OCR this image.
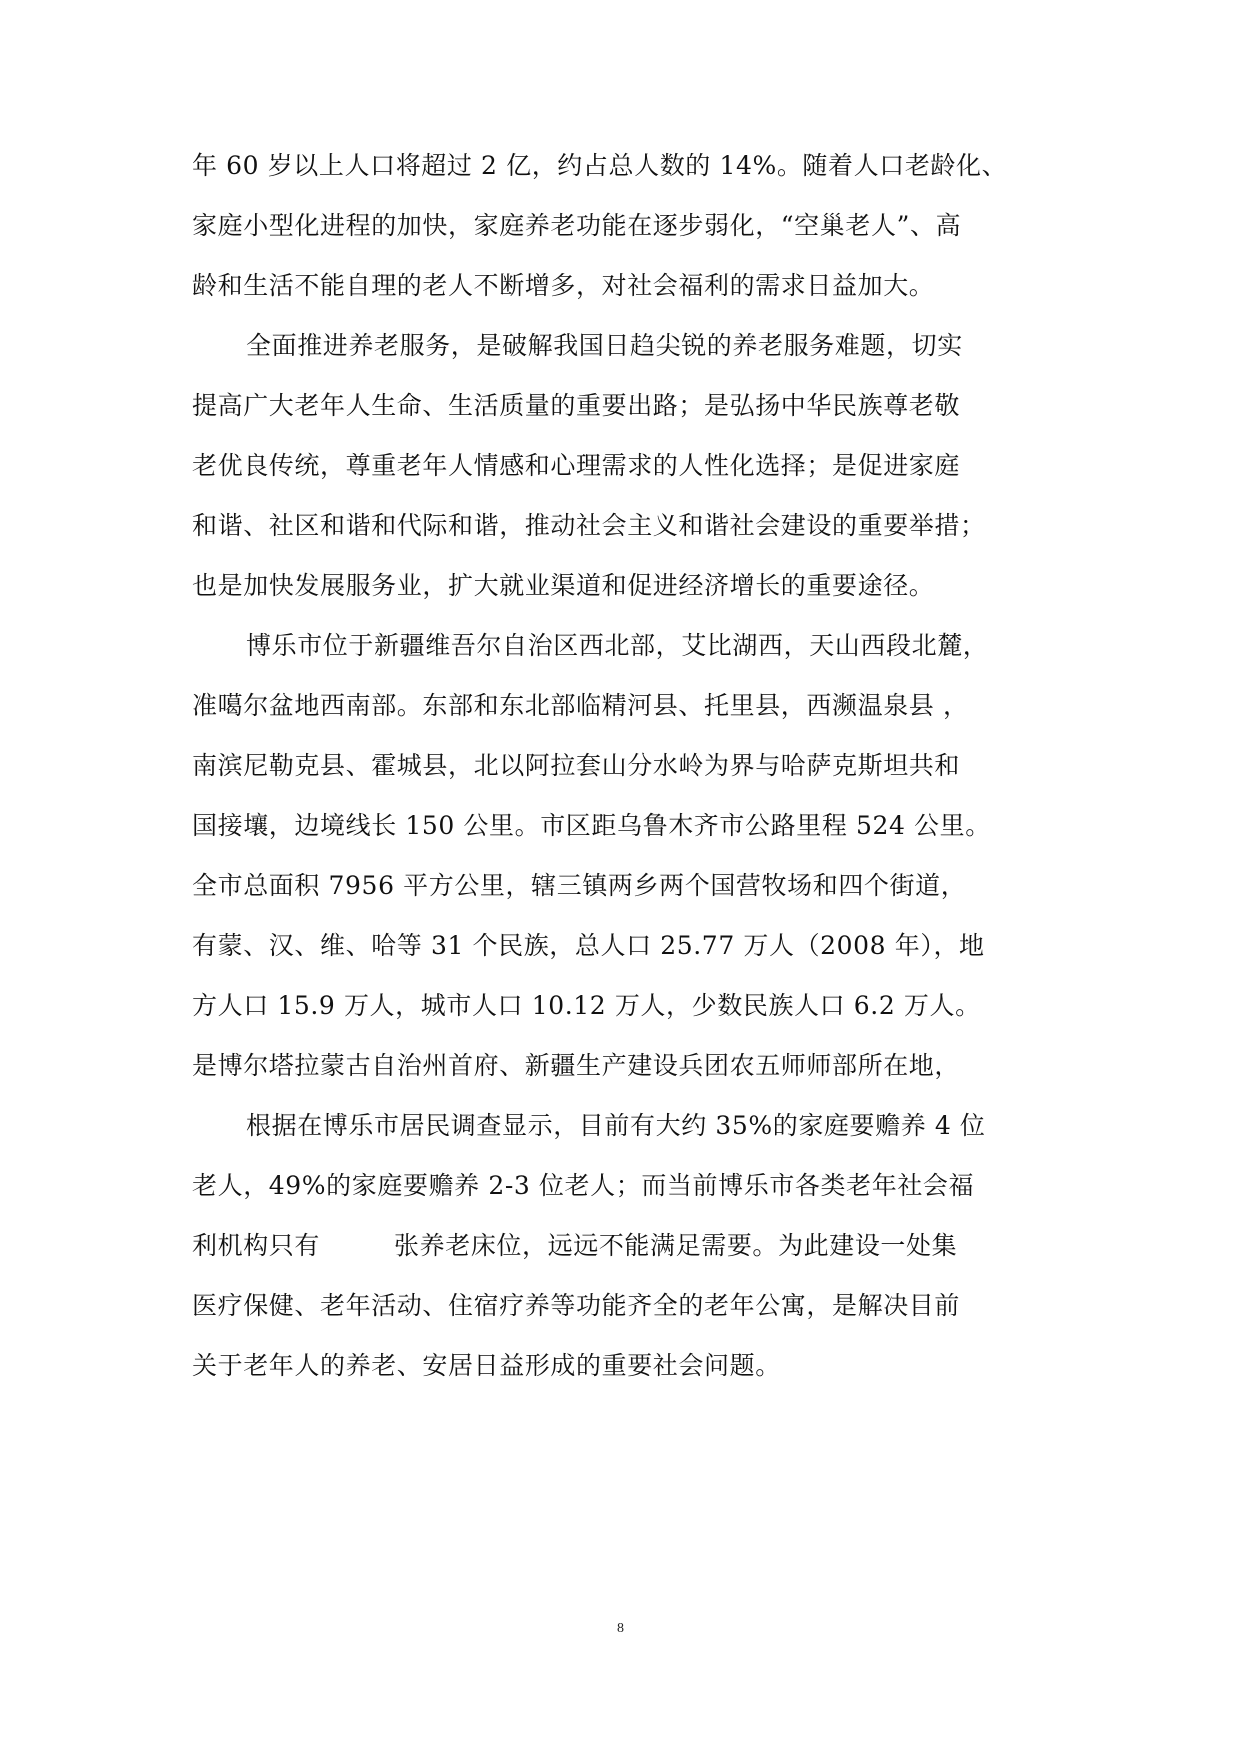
年 60 岁以上人口将超过 2 亿，约占总人数的 14%。随着人口老龄化、
家庭小型化进程的加快，家庭养老功能在逐步弱化，“空巢老人”、高
龄和生活不能自理的老人不断增多，对社会福利的需求日益加大。
全面推进养老服务，是破解我国日趋尖锐的养老服务难题，切实
提高广大老年人生命、生活质量的重要出路；是弘扬中华民族尊老敬
老优良传统，尊重老年人情感和心理需求的人性化选择；是促进家庭
和谐、社区和谐和代际和谐，推动社会主义和谐社会建设的重要举措；
也是加快发展服务业，扩大就业渠道和促进经济增长的重要途径。
博乐市位于新疆维吾尔自治区西北部，艾比湖西，天山西段北麓，
准噶尔盆地西南部。东部和东北部临精河县、托里县，西濒温泉县 ，
南滨尼勒克县、霍城县，北以阿拉套山分水岭为界与哈萨克斯坦共和
国接壤，边境线长 150 公里。市区距乌鲁木齐市公路里程 524 公里。
全市总面积 7956 平方公里，辖三镇两乡两个国营牧场和四个街道，
有蒙、汉、维、哈等 31 个民族，总人口 25.77 万人（2008 年），地
方人口 15.9 万人，城市人口 10.12 万人，少数民族人口 6.2 万人。
是博尔塔拉蒙古自治州首府、新疆生产建设兵团农五师师部所在地，
根据在博乐市居民调查显示，目前有大约 35%的家庭要赡养 4 位
老人，49%的家庭要赡养 2-3 位老人；而当前博乐市各类老年社会福
利机构只有	张养老床位，远远不能满足需要。为此建设一处集
医疗保健、老年活动、住宿疗养等功能齐全的老年公寓，是解决目前
关于老年人的养老、安居日益形成的重要社会问题。
8
